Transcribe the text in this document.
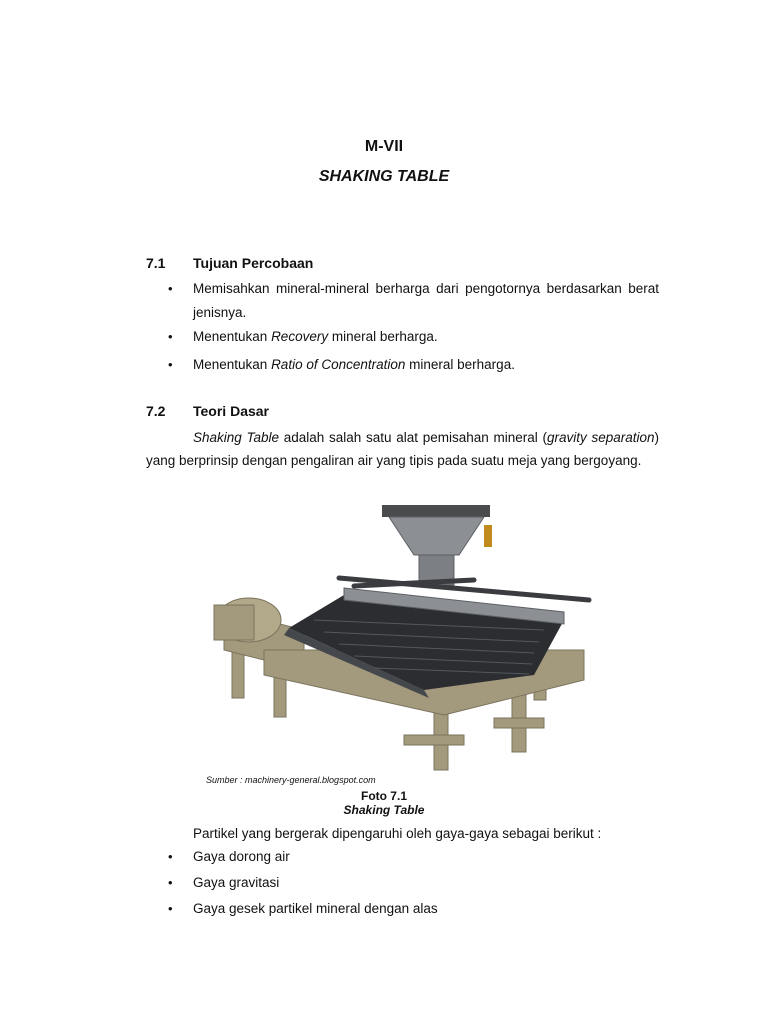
M-VII
SHAKING TABLE
7.1 Tujuan Percobaan
• Memisahkan mineral-mineral berharga dari pengotornya berdasarkan berat jenisnya.
• Menentukan Recovery mineral berharga.
• Menentukan Ratio of Concentration mineral berharga.
7.2 Teori Dasar
Shaking Table adalah salah satu alat pemisahan mineral (gravity separation) yang berprinsip dengan pengaliran air yang tipis pada suatu meja yang bergoyang.
Sumber : machinery-general.blogspot.com
Foto 7.1
Shaking Table
Partikel yang bergerak dipengaruhi oleh gaya-gaya sebagai berikut :
• Gaya dorong air
• Gaya gravitasi
• Gaya gesek partikel mineral dengan alas
